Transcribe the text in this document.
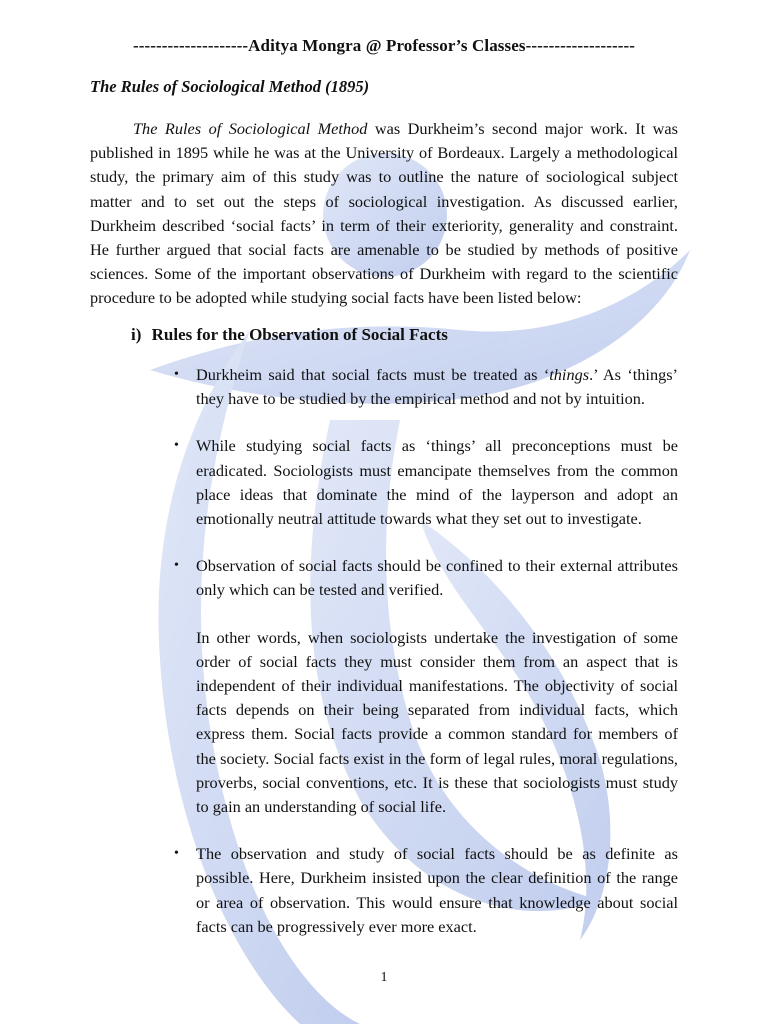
--------------------Aditya Mongra @ Professor’s Classes-------------------
The Rules of Sociological Method (1895)

The Rules of Sociological Method was Durkheim’s second major work. It was published in 1895 while he was at the University of Bordeaux. Largely a methodological study, the primary aim of this study was to outline the nature of sociological subject matter and to set out the steps of sociological investigation. As discussed earlier, Durkheim described ‘social facts’ in term of their exteriority, generality and constraint. He further argued that social facts are amenable to be studied by methods of positive sciences. Some of the important observations of Durkheim with regard to the scientific procedure to be adopted while studying social facts have been listed below:

i) Rules for the Observation of Social Facts
• Durkheim said that social facts must be treated as ‘things.’ As ‘things’ they have to be studied by the empirical method and not by intuition.
• While studying social facts as ‘things’ all preconceptions must be eradicated. Sociologists must emancipate themselves from the common place ideas that dominate the mind of the layperson and adopt an emotionally neutral attitude towards what they set out to investigate.
• Observation of social facts should be confined to their external attributes only which can be tested and verified.
In other words, when sociologists undertake the investigation of some order of social facts they must consider them from an aspect that is independent of their individual manifestations. The objectivity of social facts depends on their being separated from individual facts, which express them. Social facts provide a common standard for members of the society. Social facts exist in the form of legal rules, moral regulations, proverbs, social conventions, etc. It is these that sociologists must study to gain an understanding of social life.
• The observation and study of social facts should be as definite as possible. Here, Durkheim insisted upon the clear definition of the range or area of observation. This would ensure that knowledge about social facts can be progressively ever more exact.
1
